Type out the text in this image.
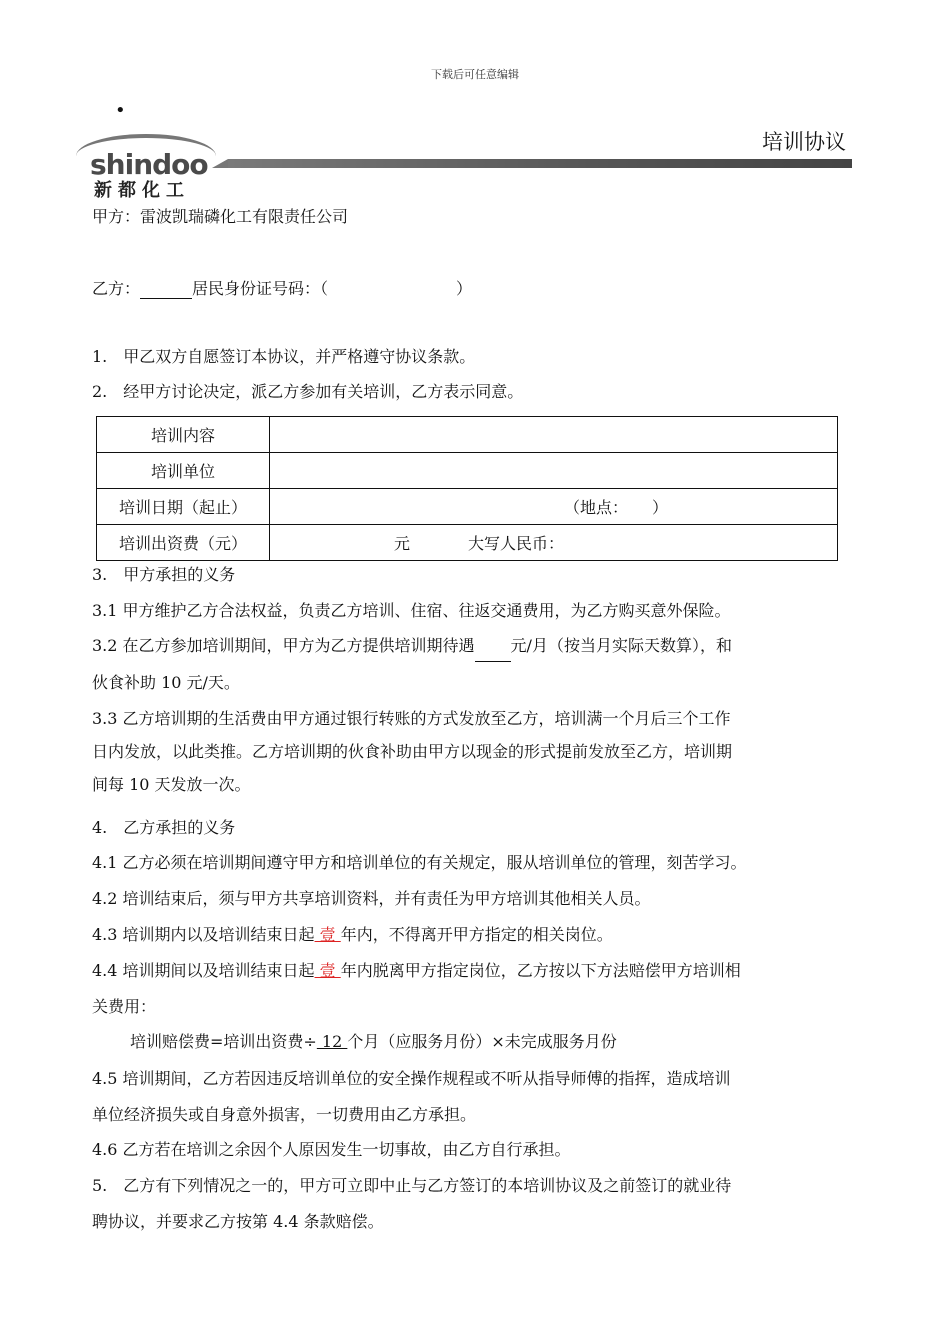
下载后可任意编辑
•
shindoo
新都化工
培训协议
甲方：雷波凯瑞磷化工有限责任公司
乙方：	居民身份证号码：（	）
1.　甲乙双方自愿签订本协议，并严格遵守协议条款。
2.　经甲方讨论决定，派乙方参加有关培训，乙方表示同意。
培训内容	
培训单位	
培训日期（起止）	（地点：　　）
培训出资费（元）	元 大写人民币：
3.　甲方承担的义务
3.1 甲方维护乙方合法权益，负责乙方培训、住宿、往返交通费用，为乙方购买意外保险。
3.2 在乙方参加培训期间，甲方为乙方提供培训期待遇 元/月（按当月实际天数算），和
伙食补助 10 元/天。
3.3 乙方培训期的生活费由甲方通过银行转账的方式发放至乙方，培训满一个月后三个工作
日内发放，以此类推。乙方培训期的伙食补助由甲方以现金的形式提前发放至乙方，培训期
间每 10 天发放一次。
4.　乙方承担的义务
4.1 乙方必须在培训期间遵守甲方和培训单位的有关规定，服从培训单位的管理，刻苦学习。
4.2 培训结束后，须与甲方共享培训资料，并有责任为甲方培训其他相关人员。
4.3 培训期内以及培训结束日起 壹 年内，不得离开甲方指定的相关岗位。
4.4 培训期间以及培训结束日起 壹 年内脱离甲方指定岗位，乙方按以下方法赔偿甲方培训相
关费用：
培训赔偿费=培训出资费÷ 12 个月（应服务月份）×未完成服务月份
4.5 培训期间，乙方若因违反培训单位的安全操作规程或不听从指导师傅的指挥，造成培训
单位经济损失或自身意外损害，一切费用由乙方承担。
4.6 乙方若在培训之余因个人原因发生一切事故，由乙方自行承担。
5.　乙方有下列情况之一的，甲方可立即中止与乙方签订的本培训协议及之前签订的就业待
聘协议，并要求乙方按第 4.4 条款赔偿。
